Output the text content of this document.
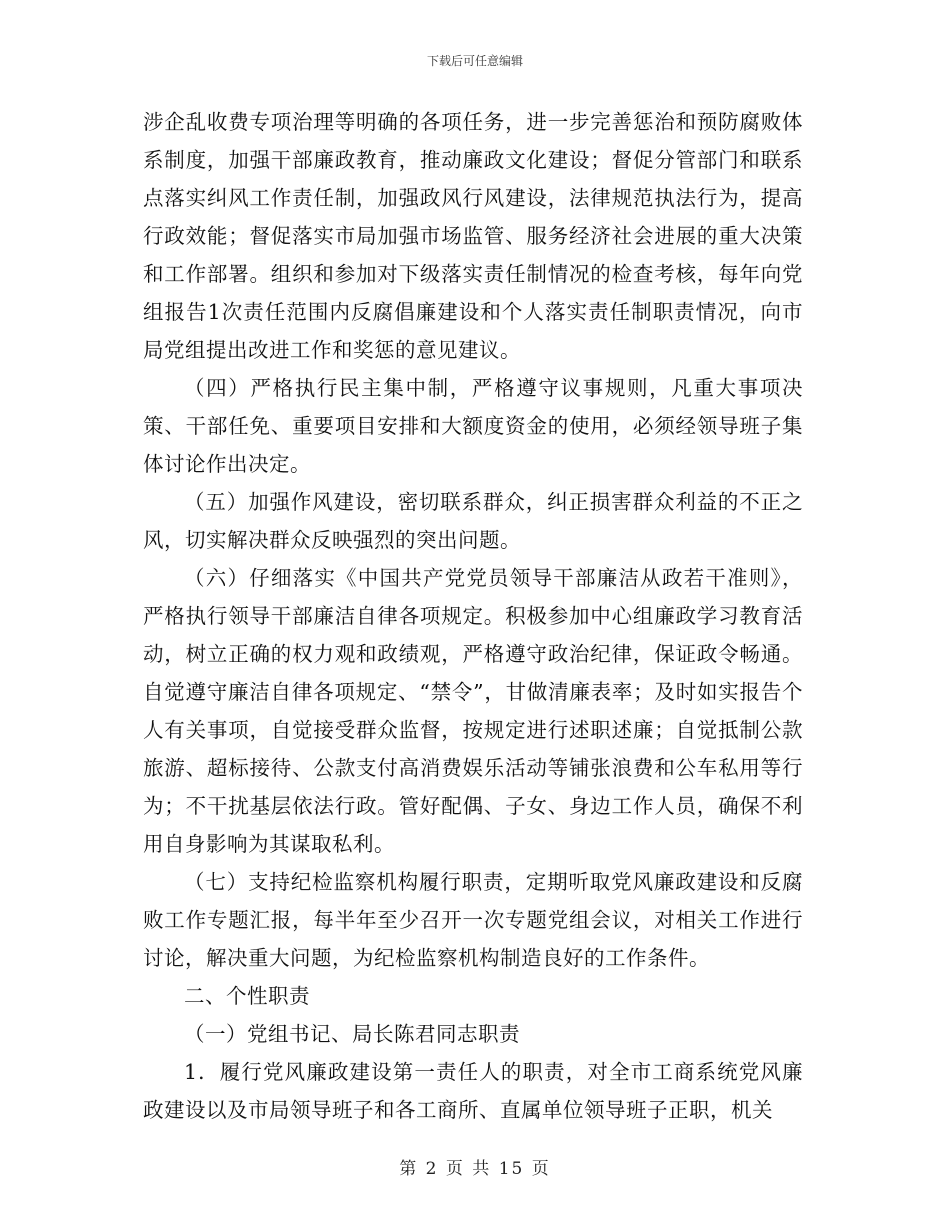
下载后可任意编辑

涉企乱收费专项治理等明确的各项任务，进一步完善惩治和预防腐败体系制度，加强干部廉政教育，推动廉政文化建设；督促分管部门和联系点落实纠风工作责任制，加强政风行风建设，法律规范执法行为，提高行政效能；督促落实市局加强市场监管、服务经济社会进展的重大决策和工作部署。组织和参加对下级落实责任制情况的检查考核，每年向党组报告1次责任范围内反腐倡廉建设和个人落实责任制职责情况，向市局党组提出改进工作和奖惩的意见建议。

（四）严格执行民主集中制，严格遵守议事规则，凡重大事项决策、干部任免、重要项目安排和大额度资金的使用，必须经领导班子集体讨论作出决定。

（五）加强作风建设，密切联系群众，纠正损害群众利益的不正之风，切实解决群众反映强烈的突出问题。

（六）仔细落实《中国共产党党员领导干部廉洁从政若干准则》，严格执行领导干部廉洁自律各项规定。积极参加中心组廉政学习教育活动，树立正确的权力观和政绩观，严格遵守政治纪律，保证政令畅通。自觉遵守廉洁自律各项规定、“禁令”，甘做清廉表率；及时如实报告个人有关事项，自觉接受群众监督，按规定进行述职述廉；自觉抵制公款旅游、超标接待、公款支付高消费娱乐活动等铺张浪费和公车私用等行为；不干扰基层依法行政。管好配偶、子女、身边工作人员，确保不利用自身影响为其谋取私利。

（七）支持纪检监察机构履行职责，定期听取党风廉政建设和反腐败工作专题汇报，每半年至少召开一次专题党组会议，对相关工作进行讨论，解决重大问题，为纪检监察机构制造良好的工作条件。

二、个性职责

（一）党组书记、局长陈君同志职责

1．履行党风廉政建设第一责任人的职责，对全市工商系统党风廉政建设以及市局领导班子和各工商所、直属单位领导班子正职，机关

第 2 页 共 15 页
